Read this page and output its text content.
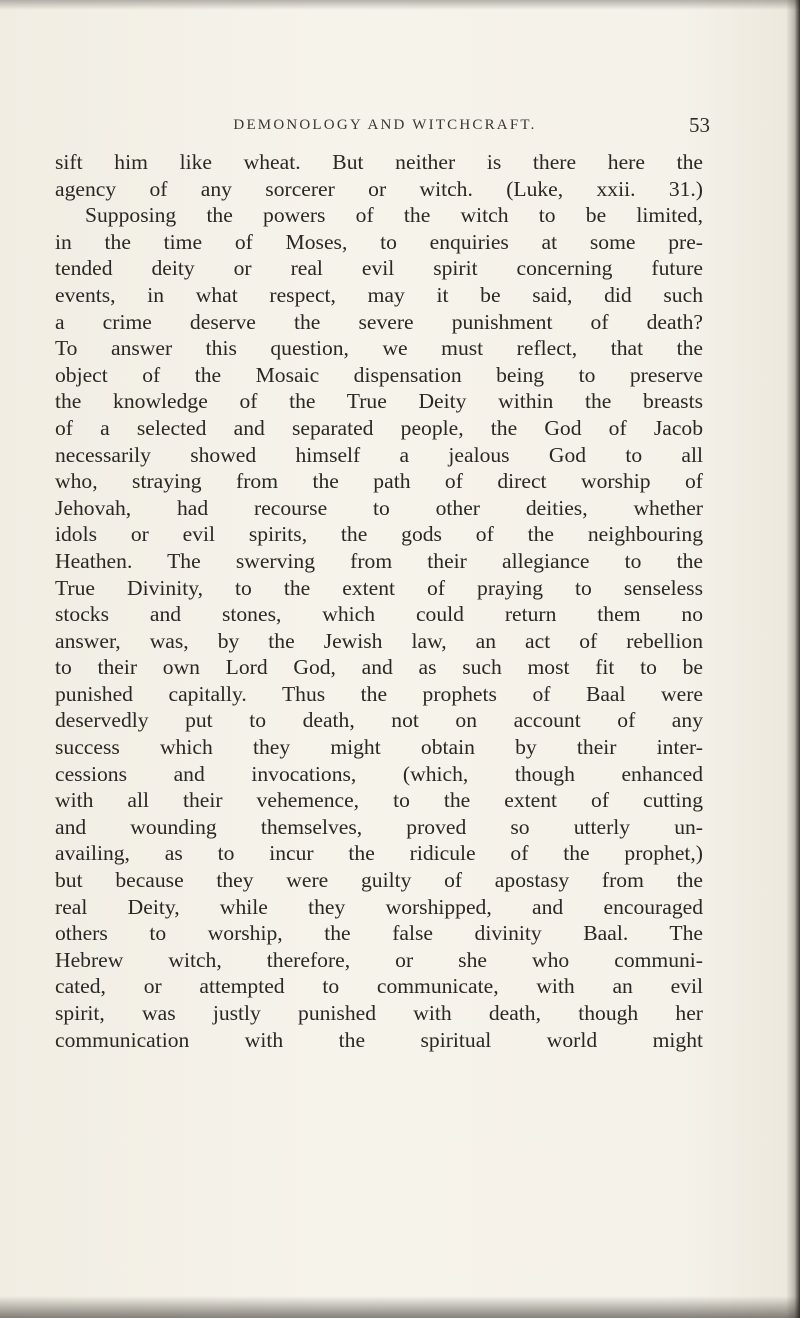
DEMONOLOGY AND WITCHCRAFT.	53
sift him like wheat. But neither is there here the
agency of any sorcerer or witch. (Luke, xxii. 31.)
Supposing the powers of the witch to be limited,
in the time of Moses, to enquiries at some pre-
tended deity or real evil spirit concerning future
events, in what respect, may it be said, did such
a crime deserve the severe punishment of death?
To answer this question, we must reflect, that the
object of the Mosaic dispensation being to preserve
the knowledge of the True Deity within the breasts
of a selected and separated people, the God of Jacob
necessarily showed himself a jealous God to all
who, straying from the path of direct worship of
Jehovah, had recourse to other deities, whether
idols or evil spirits, the gods of the neighbouring
Heathen. The swerving from their allegiance to the
True Divinity, to the extent of praying to senseless
stocks and stones, which could return them no
answer, was, by the Jewish law, an act of rebellion
to their own Lord God, and as such most fit to be
punished capitally. Thus the prophets of Baal were
deservedly put to death, not on account of any
success which they might obtain by their inter-
cessions and invocations, (which, though enhanced
with all their vehemence, to the extent of cutting
and wounding themselves, proved so utterly un-
availing, as to incur the ridicule of the prophet,)
but because they were guilty of apostasy from the
real Deity, while they worshipped, and encouraged
others to worship, the false divinity Baal. The
Hebrew witch, therefore, or she who communi-
cated, or attempted to communicate, with an evil
spirit, was justly punished with death, though her
communication with the spiritual world might
